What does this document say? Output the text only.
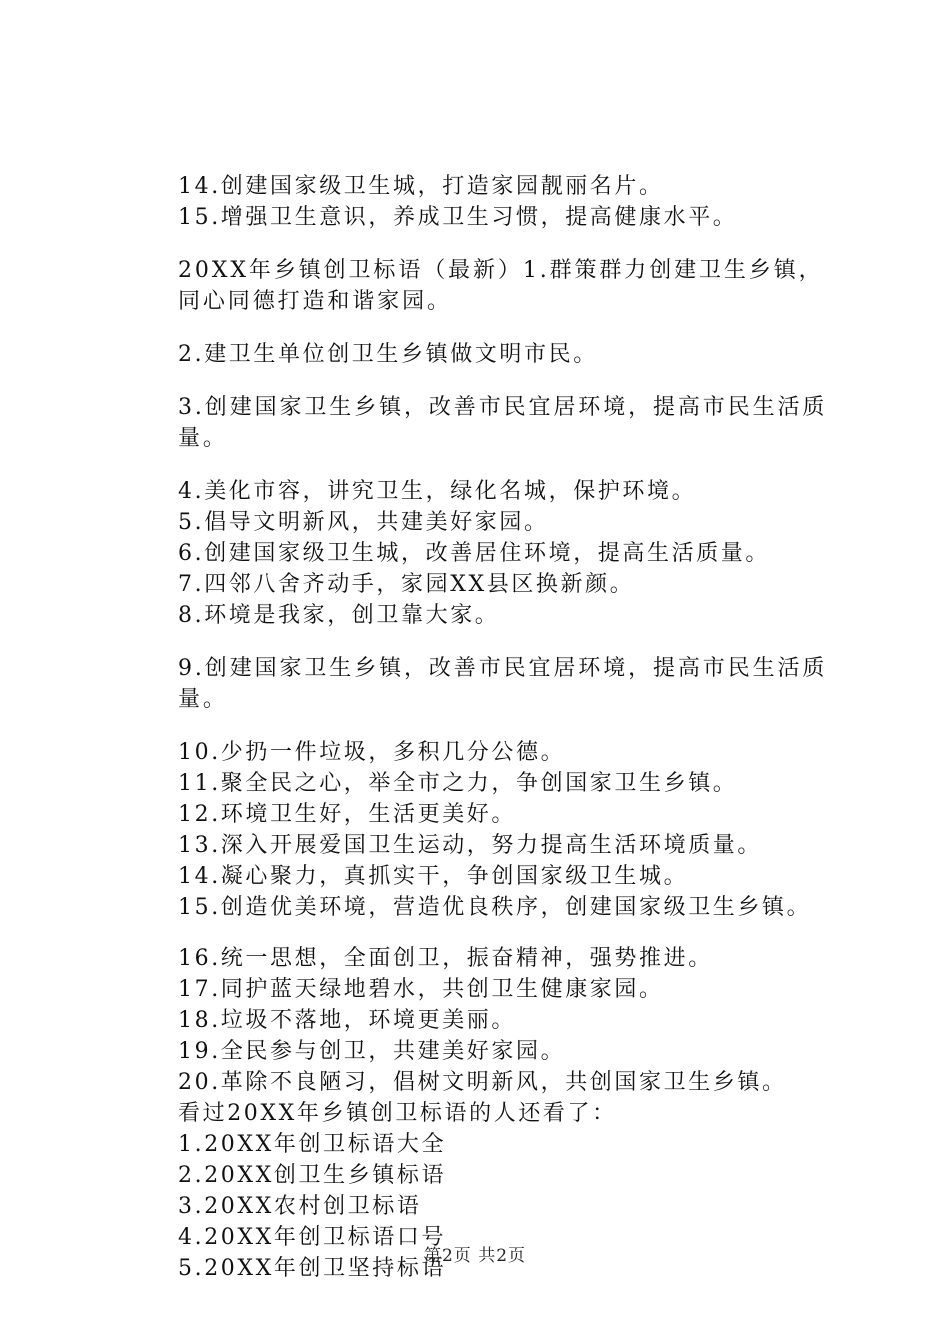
14.创建国家级卫生城，打造家园靓丽名片。

15.增强卫生意识，养成卫生习惯，提高健康水平。

20XX年乡镇创卫标语（最新）1.群策群力创建卫生乡镇，同心同德打造和谐家园。

2.建卫生单位创卫生乡镇做文明市民。

3.创建国家卫生乡镇，改善市民宜居环境，提高市民生活质量。

4.美化市容，讲究卫生，绿化名城，保护环境。

5.倡导文明新风，共建美好家园。

6.创建国家级卫生城，改善居住环境，提高生活质量。

7.四邻八舍齐动手，家园XX县区换新颜。

8.环境是我家，创卫靠大家。

9.创建国家卫生乡镇，改善市民宜居环境，提高市民生活质量。

10.少扔一件垃圾，多积几分公德。

11.聚全民之心，举全市之力，争创国家卫生乡镇。

12.环境卫生好，生活更美好。

13.深入开展爱国卫生运动，努力提高生活环境质量。

14.凝心聚力，真抓实干，争创国家级卫生城。

15.创造优美环境，营造优良秩序，创建国家级卫生乡镇。

16.统一思想，全面创卫，振奋精神，强势推进。

17.同护蓝天绿地碧水，共创卫生健康家园。

18.垃圾不落地，环境更美丽。

19.全民参与创卫，共建美好家园。

20.革除不良陋习，倡树文明新风，共创国家卫生乡镇。

看过20XX年乡镇创卫标语的人还看了：

1.20XX年创卫标语大全

2.20XX创卫生乡镇标语

3.20XX农村创卫标语

4.20XX年创卫标语口号

5.20XX年创卫坚持标语

第2页 共2页
